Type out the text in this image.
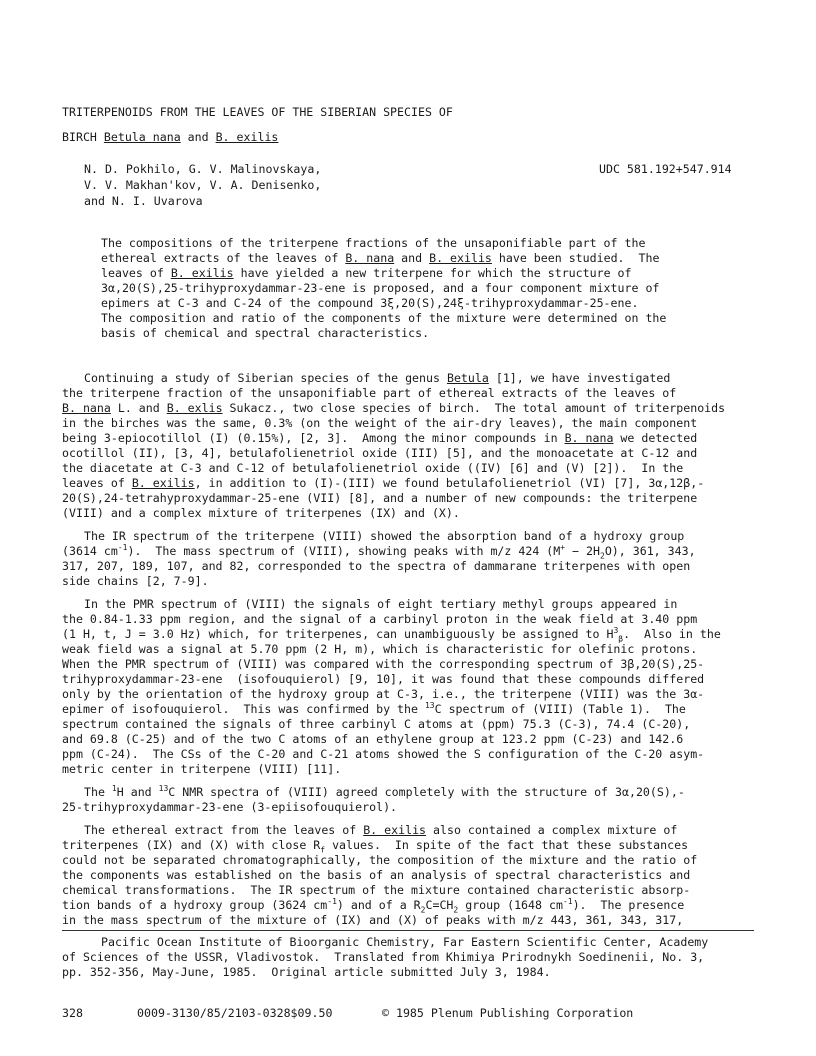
TRITERPENOIDS FROM THE LEAVES OF THE SIBERIAN SPECIES OF
BIRCH Betula nana and B. exilis
N. D. Pokhilo, G. V. Malinovskaya,
V. V. Makhan'kov, V. A. Denisenko,
and N. I. Uvarova
UDC 581.192+547.914
The compositions of the triterpene fractions of the unsaponifiable part of the
ethereal extracts of the leaves of B. nana and B. exilis have been studied.  The
leaves of B. exilis have yielded a new triterpene for which the structure of
3α,20(S),25-trihyproxydammar-23-ene is proposed, and a four component mixture of
epimers at C-3 and C-24 of the compound 3ξ,20(S),24ξ-trihyproxydammar-25-ene.
The composition and ratio of the components of the mixture were determined on the
basis of chemical and spectral characteristics.
Continuing a study of Siberian species of the genus Betula [1], we have investigated
the triterpene fraction of the unsaponifiable part of ethereal extracts of the leaves of
B. nana L. and B. exlis Sukacz., two close species of birch.  The total amount of triterpenoids
in the birches was the same, 0.3% (on the weight of the air-dry leaves), the main component
being 3-epiocotillol (I) (0.15%), [2, 3].  Among the minor compounds in B. nana we detected
ocotillol (II), [3, 4], betulafolienetriol oxide (III) [5], and the monoacetate at C-12 and
the diacetate at C-3 and C-12 of betulafolienetriol oxide ((IV) [6] and (V) [2]).  In the
leaves of B. exilis, in addition to (I)-(III) we found betulafolienetriol (VI) [7], 3α,12β,-
20(S),24-tetrahyproxydammar-25-ene (VII) [8], and a number of new compounds: the triterpene
(VIII) and a complex mixture of triterpenes (IX) and (X).
The IR spectrum of the triterpene (VIII) showed the absorption band of a hydroxy group
(3614 $cm^{-1}$).  The mass spectrum of (VIII), showing peaks with m/z 424 $(M^+ - 2H_2O)$, 361, 343,
317, 207, 189, 107, and 82, corresponded to the spectra of dammarane triterpenes with open
side chains [2, 7-9].
In the PMR spectrum of (VIII) the signals of eight tertiary methyl groups appeared in
the 0.84-1.33 ppm region, and the signal of a carbinyl proton in the weak field at 3.40 ppm
(1 H, t, J = 3.0 Hz) which, for triterpenes, can unambiguously be assigned to $H^3_\beta$.  Also in the
weak field was a signal at 5.70 ppm (2 H, m), which is characteristic for olefinic protons.
When the PMR spectrum of (VIII) was compared with the corresponding spectrum of 3β,20(S),25-
trihyproxydammar-23-ene  (isofouquierol) [9, 10], it was found that these compounds differed
only by the orientation of the hydroxy group at C-3, i.e., the triterpene (VIII) was the 3α-
epimer of isofouquierol.  This was confirmed by the $^{13}$C spectrum of (VIII) (Table 1).  The
spectrum contained the signals of three carbinyl C atoms at (ppm) 75.3 (C-3), 74.4 (C-20),
and 69.8 (C-25) and of the two C atoms of an ethylene group at 123.2 ppm (C-23) and 142.6
ppm (C-24).  The CSs of the C-20 and C-21 atoms showed the S configuration of the C-20 asym-
metric center in triterpene (VIII) [11].
The $^1$H and $^{13}$C NMR spectra of (VIII) agreed completely with the structure of 3α,20(S),-
25-trihyproxydammar-23-ene (3-epiisofouquierol).
The ethereal extract from the leaves of B. exilis also contained a complex mixture of
triterpenes (IX) and (X) with close $R_f$ values.  In spite of the fact that these substances
could not be separated chromatographically, the composition of the mixture and the ratio of
the components was established on the basis of an analysis of spectral characteristics and
chemical transformations.  The IR spectrum of the mixture contained characteristic absorp-
tion bands of a hydroxy group (3624 $cm^{-1}$) and of a $R_2C=CH_2$ group (1648 $cm^{-1}$).  The presence
in the mass spectrum of the mixture of (IX) and (X) of peaks with m/z 443, 361, 343, 317,
Pacific Ocean Institute of Bioorganic Chemistry, Far Eastern Scientific Center, Academy
of Sciences of the USSR, Vladivostok.  Translated from Khimiya Prirodnykh Soedinenii, No. 3,
pp. 352-356, May-June, 1985.  Original article submitted July 3, 1984.
328	0009-3130/85/2103-0328$09.50	© 1985 Plenum Publishing Corporation
